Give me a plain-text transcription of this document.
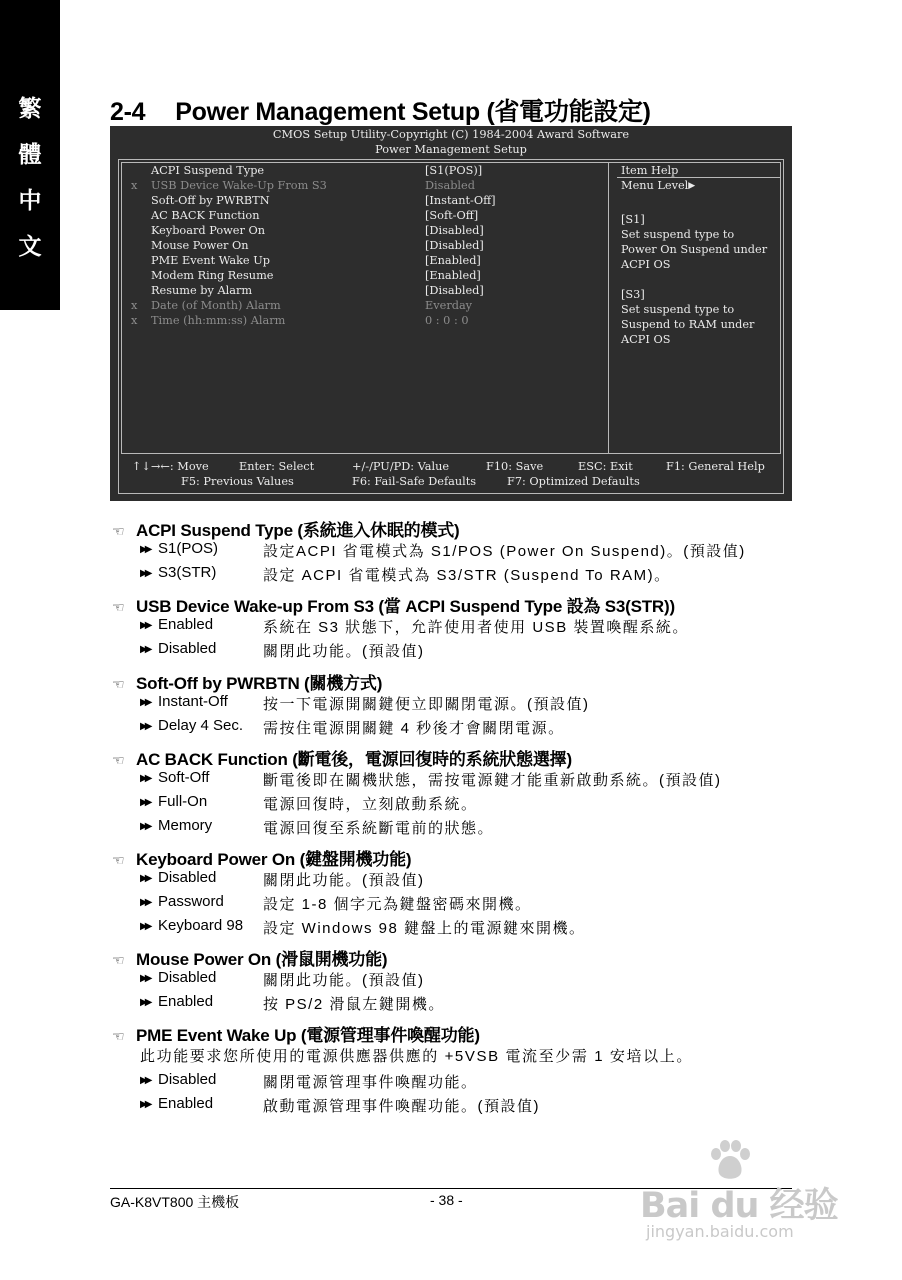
繁
體
中
文
2-4 Power Management Setup (省電功能設定)
CMOS Setup Utility-Copyright (C) 1984-2004 Award Software
Power Management Setup
ACPI Suspend Type	[S1(POS)]
x USB Device Wake-Up From S3	Disabled
Soft-Off by PWRBTN	[Instant-Off]
AC BACK Function	[Soft-Off]
Keyboard Power On	[Disabled]
Mouse Power On	[Disabled]
PME Event Wake Up	[Enabled]
Modem Ring Resume	[Enabled]
Resume by Alarm	[Disabled]
x Date (of Month) Alarm	Everday
x Time (hh:mm:ss) Alarm	0 : 0 : 0
Item Help
Menu Level▶
[S1]
Set suspend type to
Power On Suspend under
ACPI OS
[S3]
Set suspend type to
Suspend to RAM under
ACPI OS
↑↓→←: Move	Enter: Select	+/-/PU/PD: Value	F10: Save	ESC: Exit	F1: General Help
F5: Previous Values	F6: Fail-Safe Defaults	F7: Optimized Defaults
☜ ACPI Suspend Type (系統進入休眠的模式)
▶▶ S1(POS)	設定ACPI 省電模式為 S1/POS (Power On Suspend)。(預設值)
▶▶ S3(STR)	設定 ACPI 省電模式為 S3/STR (Suspend To RAM)。
☜ USB Device Wake-up From S3 (當 ACPI Suspend Type 設為 S3(STR))
▶▶ Enabled	系統在 S3 狀態下，允許使用者使用 USB 裝置喚醒系統。
▶▶ Disabled	關閉此功能。(預設值)
☜ Soft-Off by PWRBTN (關機方式)
▶▶ Instant-Off 按一下電源開關鍵便立即關閉電源。(預設值)
▶▶ Delay 4 Sec. 需按住電源開關鍵 4 秒後才會關閉電源。
☜ AC BACK Function (斷電後，電源回復時的系統狀態選擇)
▶▶ Soft-Off	斷電後即在關機狀態，需按電源鍵才能重新啟動系統。(預設值)
▶▶ Full-On	電源回復時，立刻啟動系統。
▶▶ Memory	電源回復至系統斷電前的狀態。
☜ Keyboard Power On (鍵盤開機功能)
▶▶ Disabled	關閉此功能。(預設值)
▶▶ Password	設定 1-8 個字元為鍵盤密碼來開機。
▶▶ Keyboard 98 設定 Windows 98 鍵盤上的電源鍵來開機。
☜ Mouse Power On (滑鼠開機功能)
▶▶ Disabled	關閉此功能。(預設值)
▶▶ Enabled	按 PS/2 滑鼠左鍵開機。
☜ PME Event Wake Up (電源管理事件喚醒功能)
此功能要求您所使用的電源供應器供應的 +5VSB 電流至少需 1 安培以上。
▶▶ Disabled	關閉電源管理事件喚醒功能。
▶▶ Enabled	啟動電源管理事件喚醒功能。(預設值)
GA-K8VT800 主機板	- 38 -	Bai du 经验
jingyan.baidu.com
